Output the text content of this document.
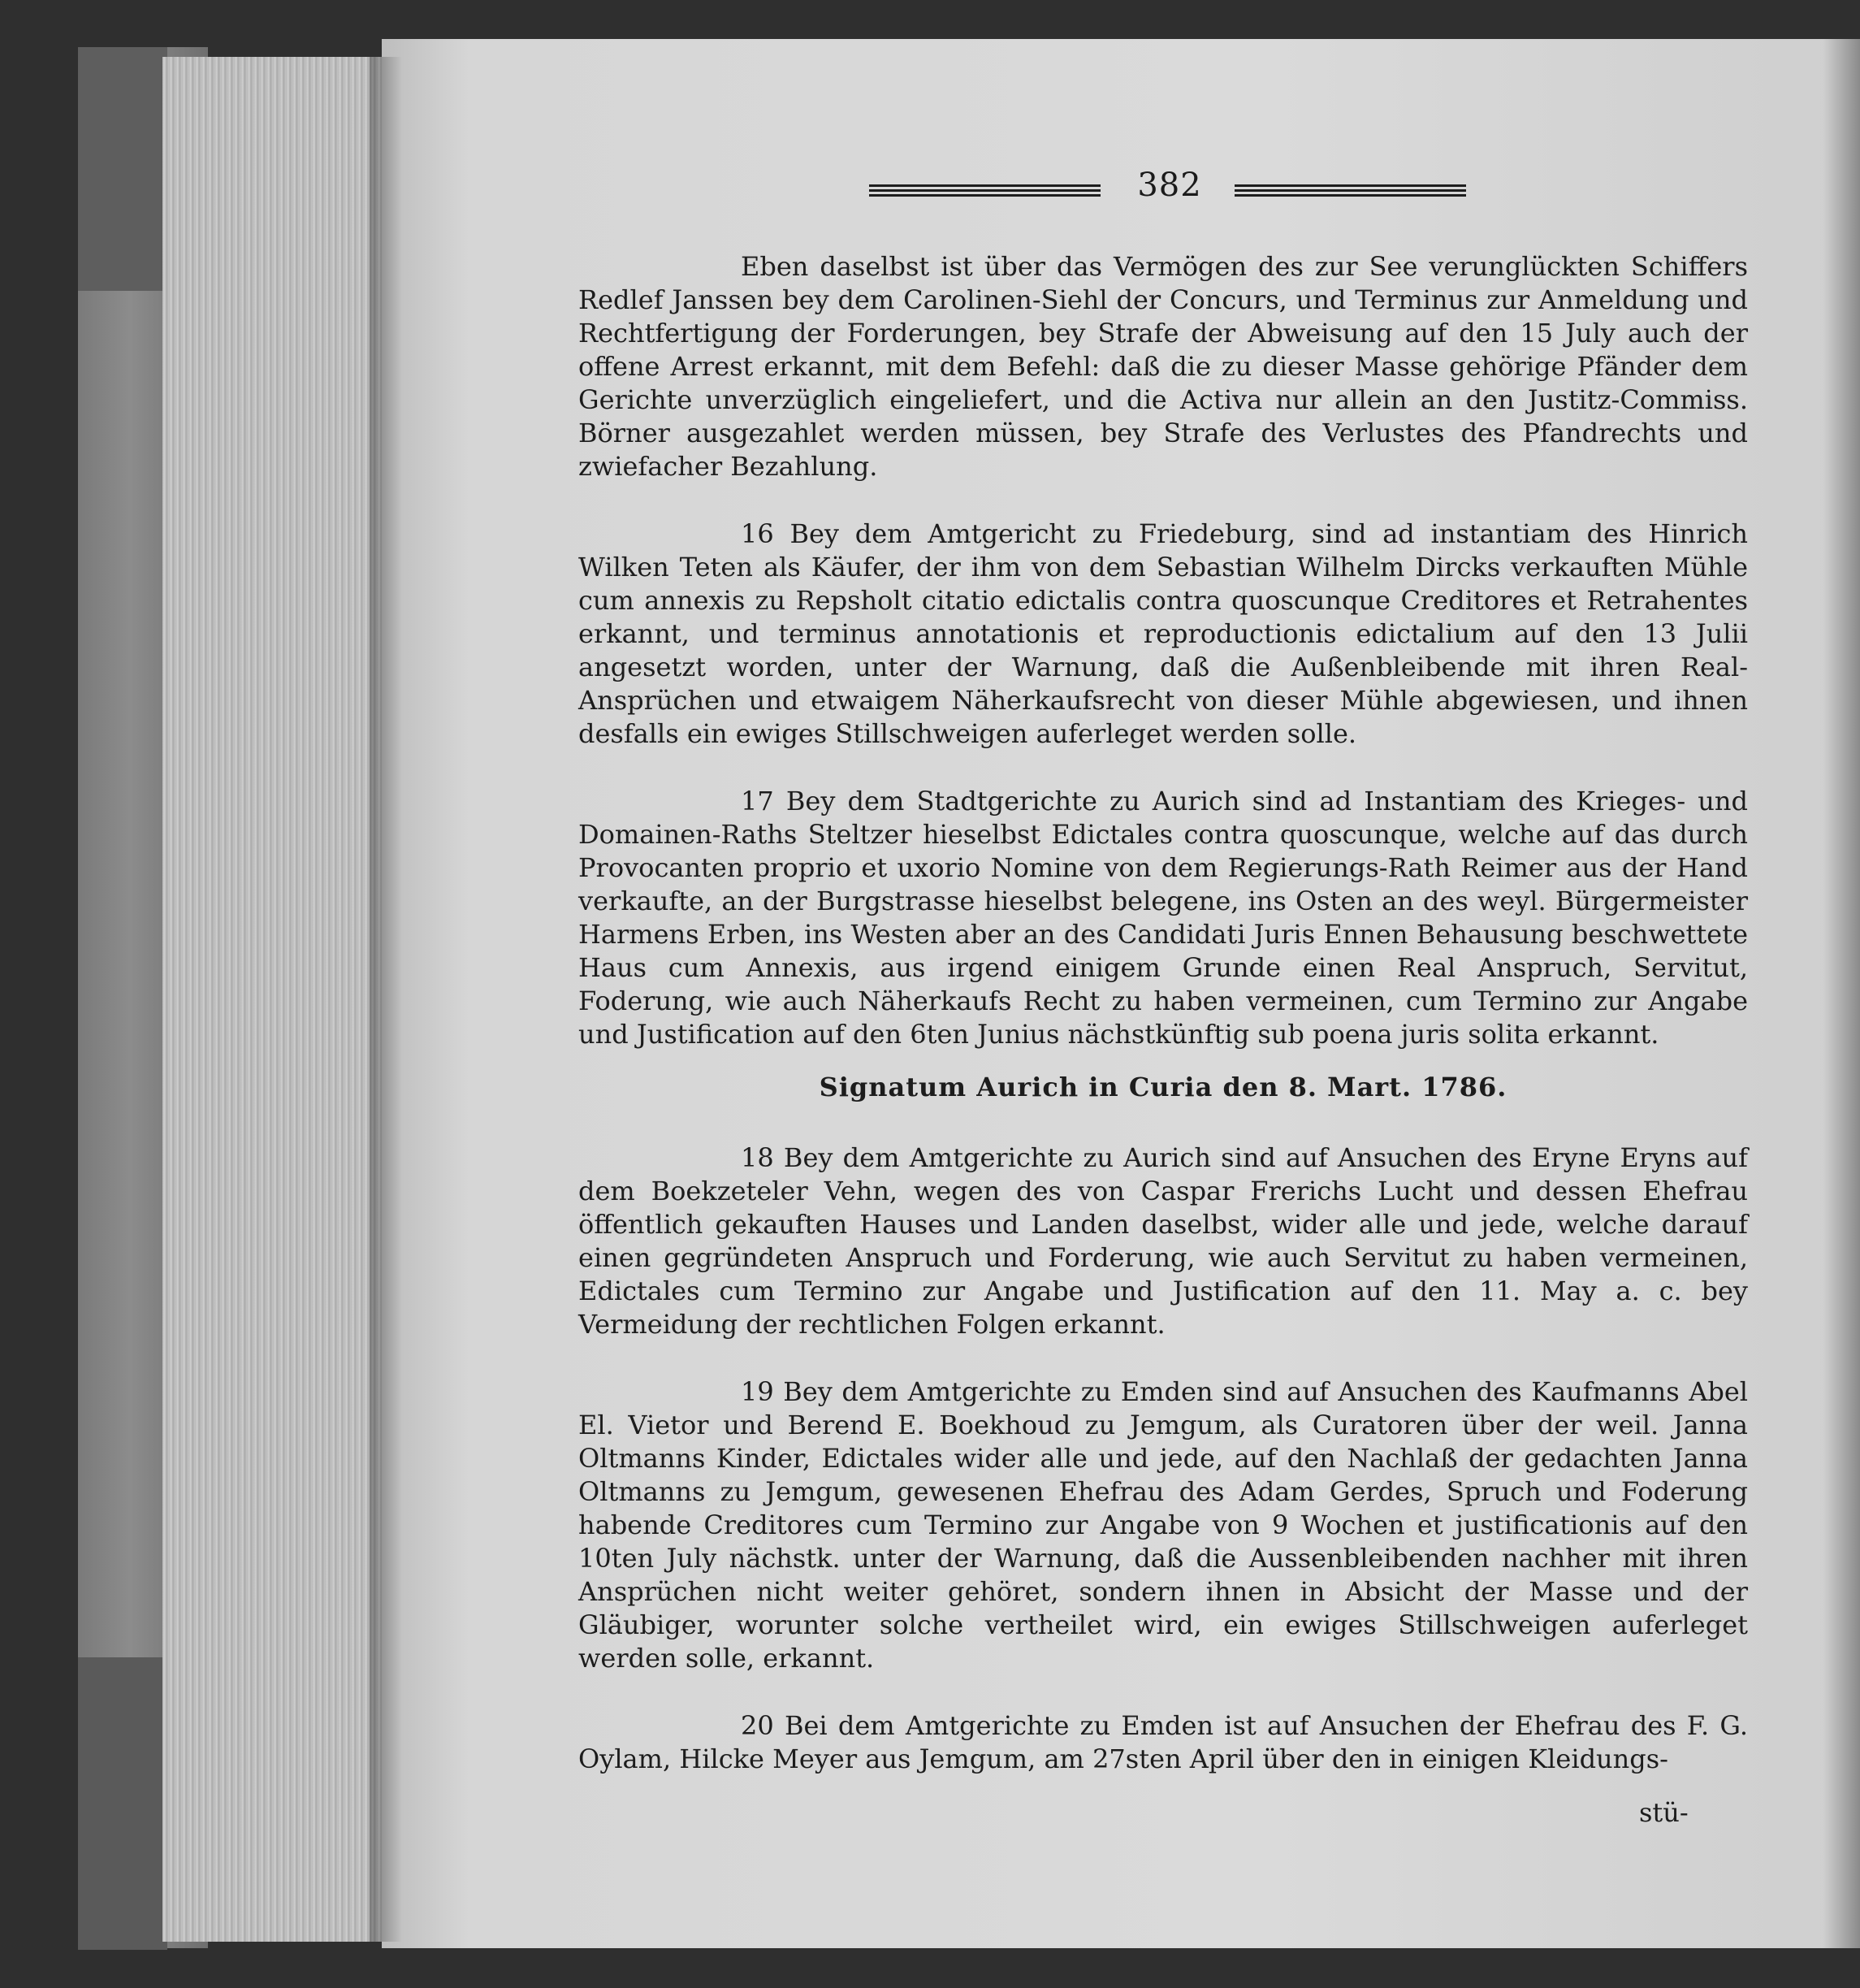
382

Eben daselbst ist über das Vermögen des zur See verunglückten Schiffers Redlef Janssen bey dem Carolinen-Siehl der Concurs, und Terminus zur Anmeldung und Rechtfertigung der Forderungen, bey Strafe der Abweisung auf den 15 July auch der offene Arrest erkannt, mit dem Befehl: daß die zu dieser Masse gehörige Pfänder dem Gerichte unverzüglich eingeliefert, und die Activa nur allein an den Justitz-Commiss. Börner ausgezahlet werden müssen, bey Strafe des Verlustes des Pfandrechts und zwiefacher Bezahlung.

16 Bey dem Amtgericht zu Friedeburg, sind ad instantiam des Hinrich Wilken Teten als Käufer, der ihm von dem Sebastian Wilhelm Dircks verkauften Mühle cum annexis zu Repsholt citatio edictalis contra quoscunque Creditores et Retrahentes erkannt, und terminus annotationis et reproductionis edictalium auf den 13 Julii angesetzt worden, unter der Warnung, daß die Außenbleibende mit ihren Real-Ansprüchen und etwaigem Näherkaufsrecht von dieser Mühle abgewiesen, und ihnen desfalls ein ewiges Stillschweigen auferleget werden solle.

17 Bey dem Stadtgerichte zu Aurich sind ad Instantiam des Krieges- und Domainen-Raths Steltzer hieselbst Edictales contra quoscunque, welche auf das durch Provocanten proprio et uxorio Nomine von dem Regierungs-Rath Reimer aus der Hand verkaufte, an der Burgstrasse hieselbst belegene, ins Osten an des weyl. Bürgermeister Harmens Erben, ins Westen aber an des Candidati Juris Ennen Behausung beschwettete Haus cum Annexis, aus irgend einigem Grunde einen Real Anspruch, Servitut, Foderung, wie auch Näherkaufs Recht zu haben vermeinen, cum Termino zur Angabe und Justification auf den 6ten Junius nächstkünftig sub poena juris solita erkannt.

Signatum Aurich in Curia den 8. Mart. 1786.

18 Bey dem Amtgerichte zu Aurich sind auf Ansuchen des Eryne Eryns auf dem Boekzeteler Vehn, wegen des von Caspar Frerichs Lucht und dessen Ehefrau öffentlich gekauften Hauses und Landen daselbst, wider alle und jede, welche darauf einen gegründeten Anspruch und Forderung, wie auch Servitut zu haben vermeinen, Edictales cum Termino zur Angabe und Justification auf den 11. May a. c. bey Vermeidung der rechtlichen Folgen erkannt.

19 Bey dem Amtgerichte zu Emden sind auf Ansuchen des Kaufmanns Abel El. Vietor und Berend E. Boekhoud zu Jemgum, als Curatoren über der weil. Janna Oltmanns Kinder, Edictales wider alle und jede, auf den Nachlaß der gedachten Janna Oltmanns zu Jemgum, gewesenen Ehefrau des Adam Gerdes, Spruch und Foderung habende Creditores cum Termino zur Angabe von 9 Wochen et justificationis auf den 10ten July nächstk. unter der Warnung, daß die Aussenbleibenden nachher mit ihren Ansprüchen nicht weiter gehöret, sondern ihnen in Absicht der Masse und der Gläubiger, worunter solche vertheilet wird, ein ewiges Stillschweigen auferleget werden solle, erkannt.

20 Bei dem Amtgerichte zu Emden ist auf Ansuchen der Ehefrau des F. G. Oylam, Hilcke Meyer aus Jemgum, am 27sten April über den in einigen Kleidungs-

stü-
